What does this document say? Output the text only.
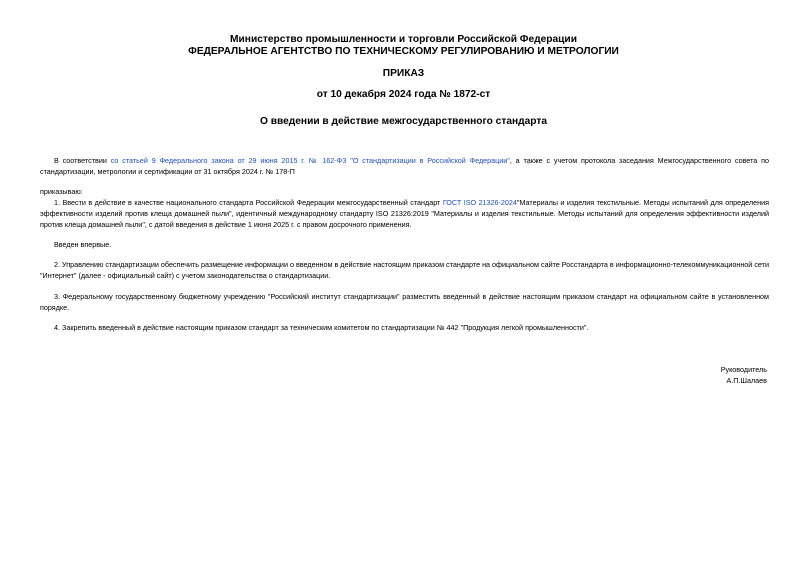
Министерство промышленности и торговли Российской Федерации
ФЕДЕРАЛЬНОЕ АГЕНТСТВО ПО ТЕХНИЧЕСКОМУ РЕГУЛИРОВАНИЮ И МЕТРОЛОГИИ
ПРИКАЗ
от 10 декабря 2024 года № 1872-ст
О введении в действие межгосударственного стандарта
В соответствии со статьей 9 Федерального закона от 29 июня 2015 г. № 162-ФЗ "О стандартизации в Российской Федерации", а также с учетом протокола заседания Межгосударственного совета по стандартизации, метрологии и сертификации от 31 октября 2024 г. № 178-П
приказываю:
1. Ввести в действие в качестве национального стандарта Российской Федерации межгосударственный стандарт ГОСТ ISO 21326-2024"Материалы и изделия текстильные. Методы испытаний для определения эффективности изделий против клеща домашней пыли", идентичный международному стандарту ISO 21326:2019 "Материалы и изделия текстильные. Методы испытаний для определения эффективности изделий против клеща домашней пыли", с датой введения в действие 1 июня 2025 г. с правом досрочного применения.
Введен впервые.
2. Управлению стандартизации обеспечить размещение информации о введенном в действие настоящим приказом стандарте на официальном сайте Росстандарта в информационно-телекоммуникационной сети "Интернет" (далее - официальный сайт) с учетом законодательства о стандартизации.
3. Федеральному государственному бюджетному учреждению "Российский институт стандартизации" разместить введенный в действие настоящим приказом стандарт на официальном сайте в установленном порядке.
4. Закрепить введенный в действие настоящим приказом стандарт за техническим комитетом по стандартизации № 442 "Продукция легкой промышленности".
Руководитель
А.П.Шалаев
